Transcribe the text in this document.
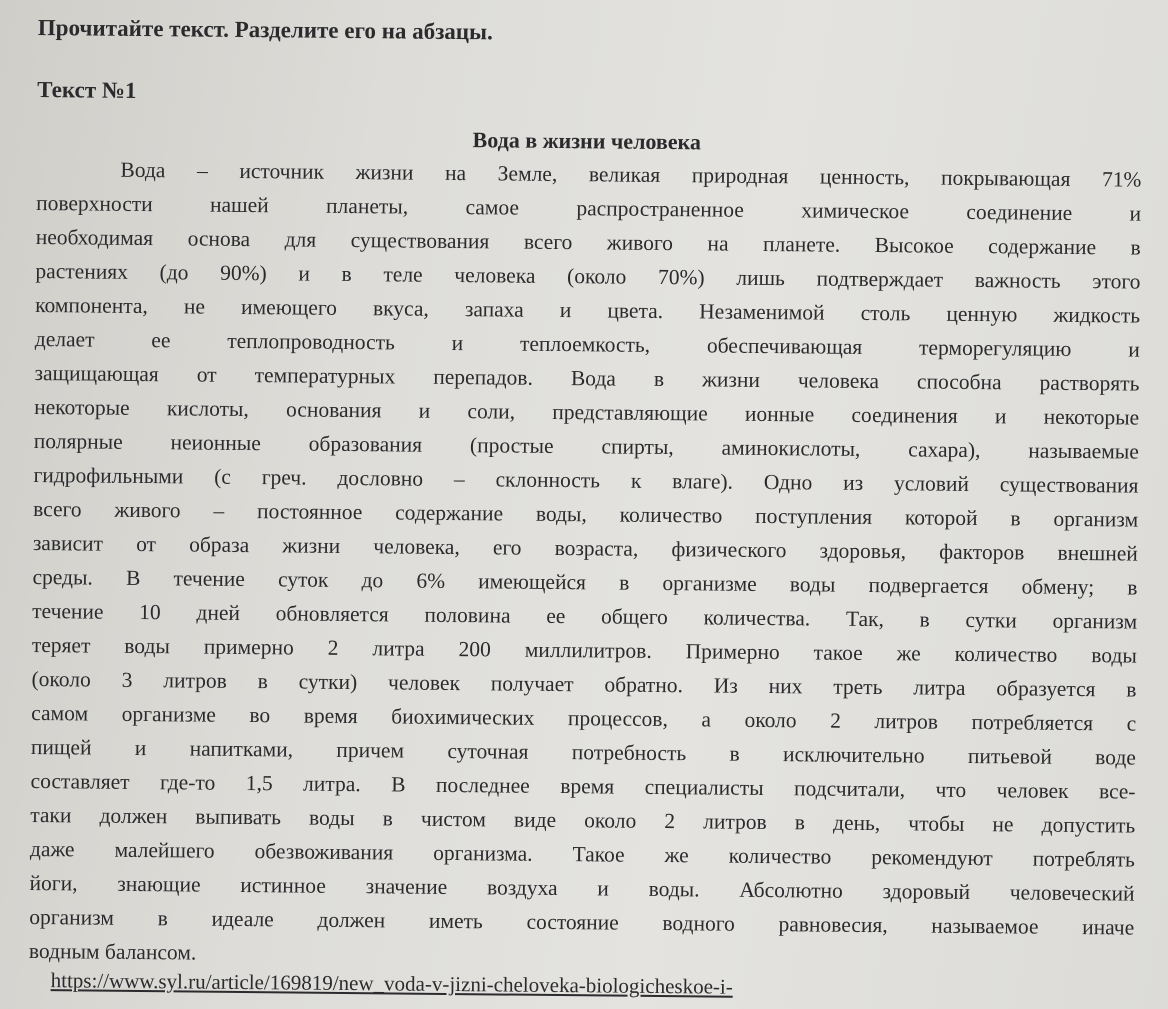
Прочитайте текст. Разделите его на абзацы.

Текст №1

Вода в жизни человека

Вода – источник жизни на Земле, великая природная ценность, покрывающая 71%
поверхности нашей планеты, самое распространенное химическое соединение и
необходимая основа для существования всего живого на планете. Высокое содержание в
растениях (до 90%) и в теле человека (около 70%) лишь подтверждает важность этого
компонента, не имеющего вкуса, запаха и цвета. Незаменимой столь ценную жидкость
делает ее теплопроводность и теплоемкость, обеспечивающая терморегуляцию и
защищающая от температурных перепадов. Вода в жизни человека способна растворять
некоторые кислоты, основания и соли, представляющие ионные соединения и некоторые
полярные неионные образования (простые спирты, аминокислоты, сахара), называемые
гидрофильными (с греч. дословно – склонность к влаге). Одно из условий существования
всего живого – постоянное содержание воды, количество поступления которой в организм
зависит от образа жизни человека, его возраста, физического здоровья, факторов внешней
среды. В течение суток до 6% имеющейся в организме воды подвергается обмену; в
течение 10 дней обновляется половина ее общего количества. Так, в сутки организм
теряет воды примерно 2 литра 200 миллилитров. Примерно такое же количество воды
(около 3 литров в сутки) человек получает обратно. Из них треть литра образуется в
самом организме во время биохимических процессов, а около 2 литров потребляется с
пищей и напитками, причем суточная потребность в исключительно питьевой воде
составляет где-то 1,5 литра. В последнее время специалисты подсчитали, что человек все-
таки должен выпивать воды в чистом виде около 2 литров в день, чтобы не допустить
даже малейшего обезвоживания организма. Такое же количество рекомендуют потреблять
йоги, знающие истинное значение воздуха и воды. Абсолютно здоровый человеческий
организм в идеале должен иметь состояние водного равновесия, называемое иначе
водным балансом.
https://www.syl.ru/article/169819/new_voda-v-jizni-cheloveka-biologicheskoe-i-
